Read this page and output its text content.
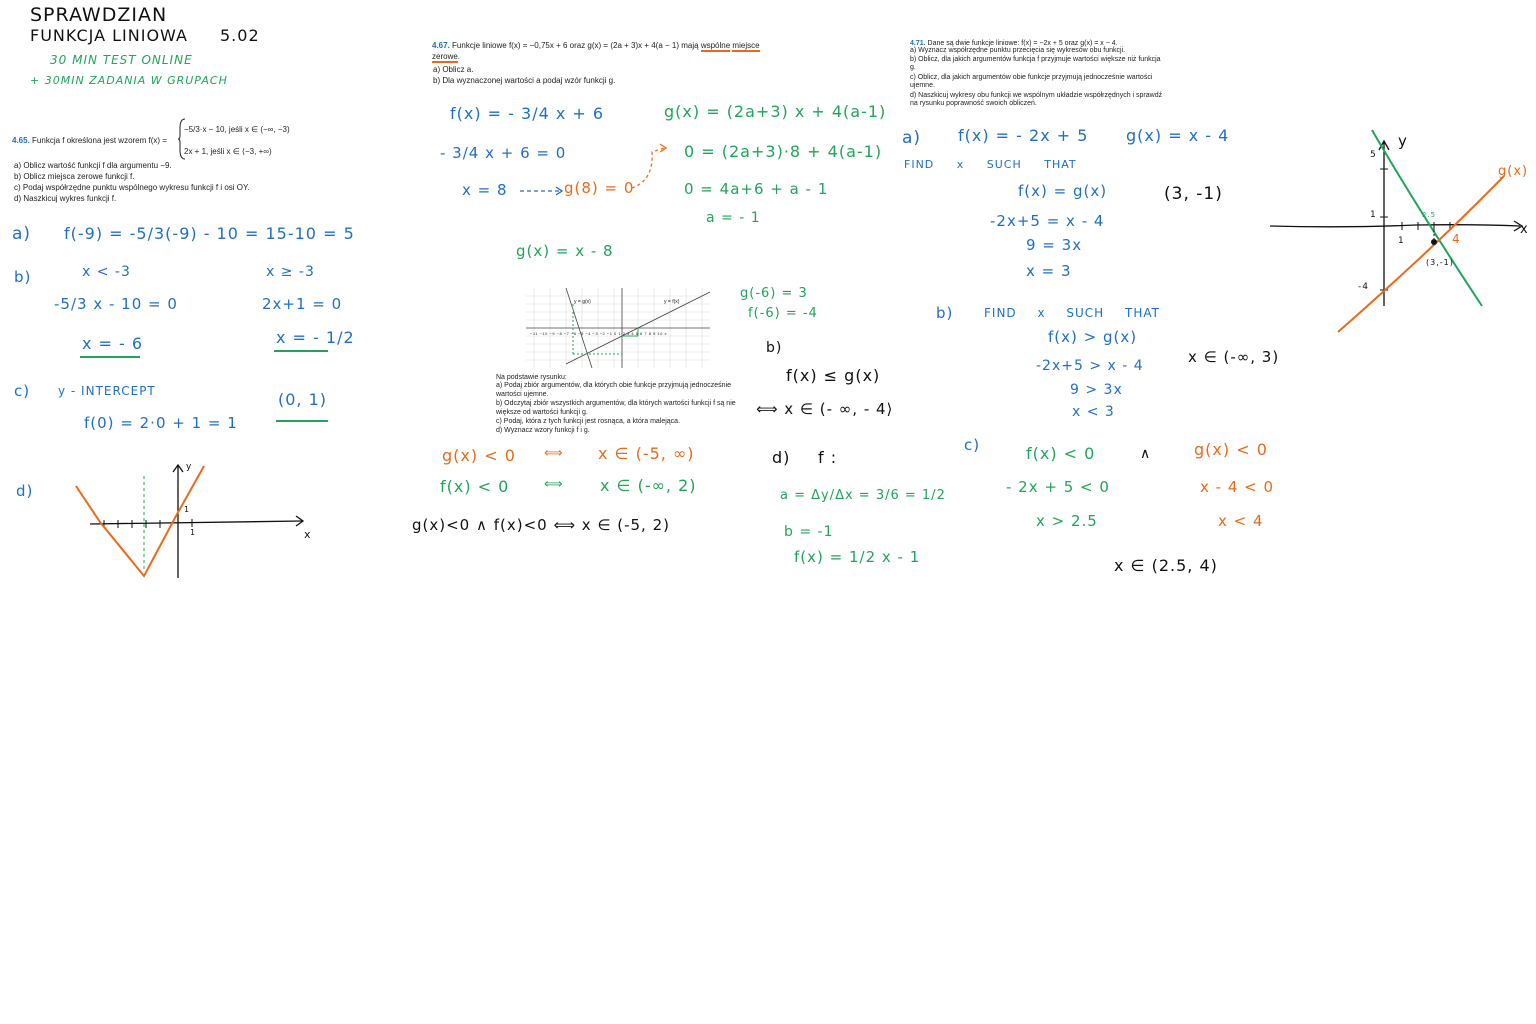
SPRAWDZIAN
FUNKCJA LINIOWA 5.02
30 MIN TEST ONLINE
+ 30MIN ZADANIA W GRUPACH
4.65. Funkcja f określona jest wzorem f(x) =
−5/3·x − 10, jeśli x ∈ (−∞, −3)
2x + 1, jeśli x ∈ ⟨−3, +∞)
a) Oblicz wartość funkcji f dla argumentu −9.
b) Oblicz miejsca zerowe funkcji f.
c) Podaj współrzędne punktu wspólnego wykresu funkcji f i osi OY.
d) Naszkicuj wykres funkcji f.
a) f(-9) = -5/3(-9) - 10 = 15-10 = 5
b)	x < -3	x ≥ -3
-5/3 x - 10 = 0	2x+1 = 0
x = - 6	x = - 1/2
c) y - INTERCEPT
f(0) = 2·0 + 1 = 1
(0, 1)
d)
x
y
1
1
4.67. Funkcje liniowe f(x) = −0,75x + 6 oraz g(x) = (2a + 3)x + 4(a − 1) mają wspólne miejsce zerowe.
a) Oblicz a.
b) Dla wyznaczonej wartości a podaj wzór funkcji g.
f(x) = - 3/4 x + 6
- 3/4 x + 6 = 0
x = 8	g(8) = 0
g(x) = (2a+3) x + 4(a-1)
0 = (2a+3)·8 + 4(a-1)
0 = 4a+6 + a - 1
a = - 1
g(x) = x - 8
y = g(x)	y = f(x)
−11 −10 −9 −8 −7 −6 −5 −4 −3 −2 −1 0 1 2 3 4 5 6 7 8 9 10 x
Na podstawie rysunku:
a) Podaj zbiór argumentów, dla których obie funkcje przyjmują jednocześnie wartości ujemne.
b) Odczytaj zbiór wszystkich argumentów, dla których wartości funkcji f są nie większe od wartości funkcji g.
c) Podaj, która z tych funkcji jest rosnąca, a która malejąca.
d) Wyznacz wzory funkcji f i g.
g(-6) = 3
f(-6) = -4
b)
f(x) ≤ g(x)
⟺ x ∈ (- ∞, - 4⟩
g(x) < 0 ⟺ x ∈ (-5, ∞)
f(x) < 0	⟺ x ∈ (-∞, 2)
g(x)<0 ∧ f(x)<0 ⟺ x ∈ (-5, 2)
d) f :
a = Δy/Δx = 3/6 = 1/2
b = -1
f(x) = 1/2 x - 1
4.71. Dane są dwie funkcje liniowe: f(x) = −2x + 5 oraz g(x) = x − 4.
a) Wyznacz współrzędne punktu przecięcia się wykresów obu funkcji.
b) Oblicz, dla jakich argumentów funkcja f przyjmuje wartości większe niż funkcja g.
c) Oblicz, dla jakich argumentów obie funkcje przyjmują jednocześnie wartości ujemne.
d) Naszkicuj wykresy obu funkcji we wspólnym układzie współrzędnych i sprawdź na rysunku poprawność swoich obliczeń.
a) f(x) = - 2x + 5 g(x) = x - 4
FIND x SUCH THAT
f(x) = g(x)
-2x+5 = x - 4
9 = 3x
x = 3
(3, -1)
b)	FIND x SUCH THAT
f(x) > g(x)
-2x+5 > x - 4
9 > 3x
x < 3
x ∈ (-∞, 3)
c)	f(x) < 0	∧	g(x) < 0
- 2x + 5 < 0	x - 4 < 0
x > 2.5	x < 4
x ∈ (2.5, 4)
y
x
g(x)
5
1
-4
1	4
2.5
(3,-1)
